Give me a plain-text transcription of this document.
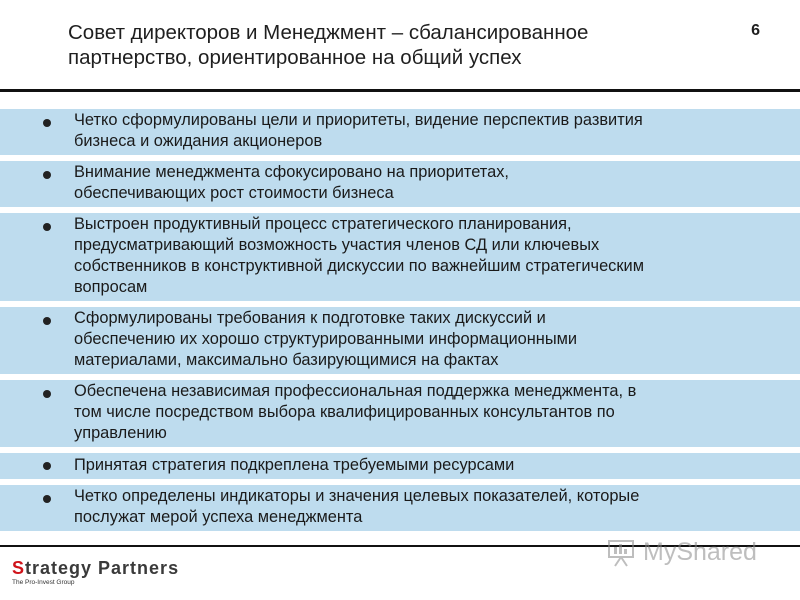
Совет директоров и Менеджмент – сбалансированное
партнерство, ориентированное на общий успех
6
Четко сформулированы цели и приоритеты, видение перспектив развития
бизнеса и ожидания акционеров
Внимание менеджмента сфокусировано на приоритетах,
обеспечивающих рост стоимости бизнеса
Выстроен продуктивный процесс стратегического планирования,
предусматривающий возможность участия членов СД или ключевых
собственников в конструктивной дискуссии по важнейшим стратегическим
вопросам
Сформулированы требования к подготовке таких дискуссий и
обеспечению их хорошо структурированными информационными
материалами, максимально базирующимися на фактах
Обеспечена независимая профессиональная поддержка менеджмента, в
том числе посредством выбора квалифицированных консультантов по
управлению
Принятая стратегия подкреплена требуемыми ресурсами
Четко определены индикаторы и значения целевых показателей, которые
послужат мерой успеха менеджмента
Strategy Partners
The Pro-Invest Group
MyShared
